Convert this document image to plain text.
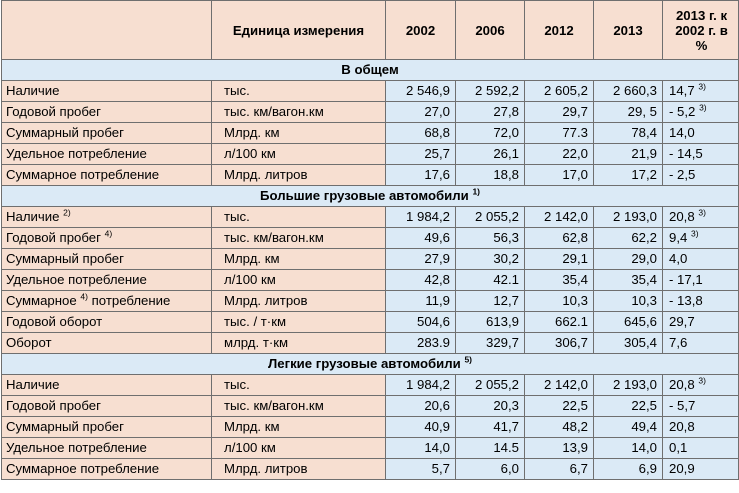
	Единица измерения	2002	2006	2012	2013	2013 г. к 2002 г. в %
В общем						
Наличие	тыс.	2 546,9	2 592,2	2 605,2	2 660,3	14,7 $^{3)}$
Годовой пробег	тыс. км/вагон.км	27,0	27,8	29,7	29, 5	- 5,2 $^{3)}$
Суммарный пробег	Млрд. км	68,8	72,0	77.3	78,4	14,0
Удельное потребление	л/100 км	25,7	26,1	22,0	21,9	- 14,5
Суммарное потребление	Млрд. литров	17,6	18,8	17,0	17,2	- 2,5
Большие грузовые автомобили $^{1)}$
Наличие $^{2)}$	тыс.	1 984,2	2 055,2	2 142,0	2 193,0	20,8 $^{3)}$
Годовой пробег $^{4)}$	тыс. км/вагон.км	49,6	56,3	62,8	62,2	9,4 $^{3)}$
Суммарный пробег	Млрд. км	27,9	30,2	29,1	29,0	4,0
Удельное потребление	л/100 км	42,8	42.1	35,4	35,4	- 17,1
Суммарное $^{4)}$ потребление	Млрд. литров	11,9	12,7	10,3	10,3	- 13,8
Годовой оборот	тыс. / т·км	504,6	613,9	662.1	645,6	29,7
Оборот	млрд. т·км	283.9	329,7	306,7	305,4	7,6
Легкие грузовые автомобили $^{5)}$
Наличие	тыс.	1 984,2	2 055,2	2 142,0	2 193,0	20,8 $^{3)}$
Годовой пробег	тыс. км/вагон.км	20,6	20,3	22,5	22,5	- 5,7
Суммарный пробег	Млрд. км	40,9	41,7	48,2	49,4	20,8
Удельное потребление	л/100 км	14,0	14.5	13,9	14,0	0,1
Суммарное потребление	Млрд. литров	5,7	6,0	6,7	6,9	20,9
